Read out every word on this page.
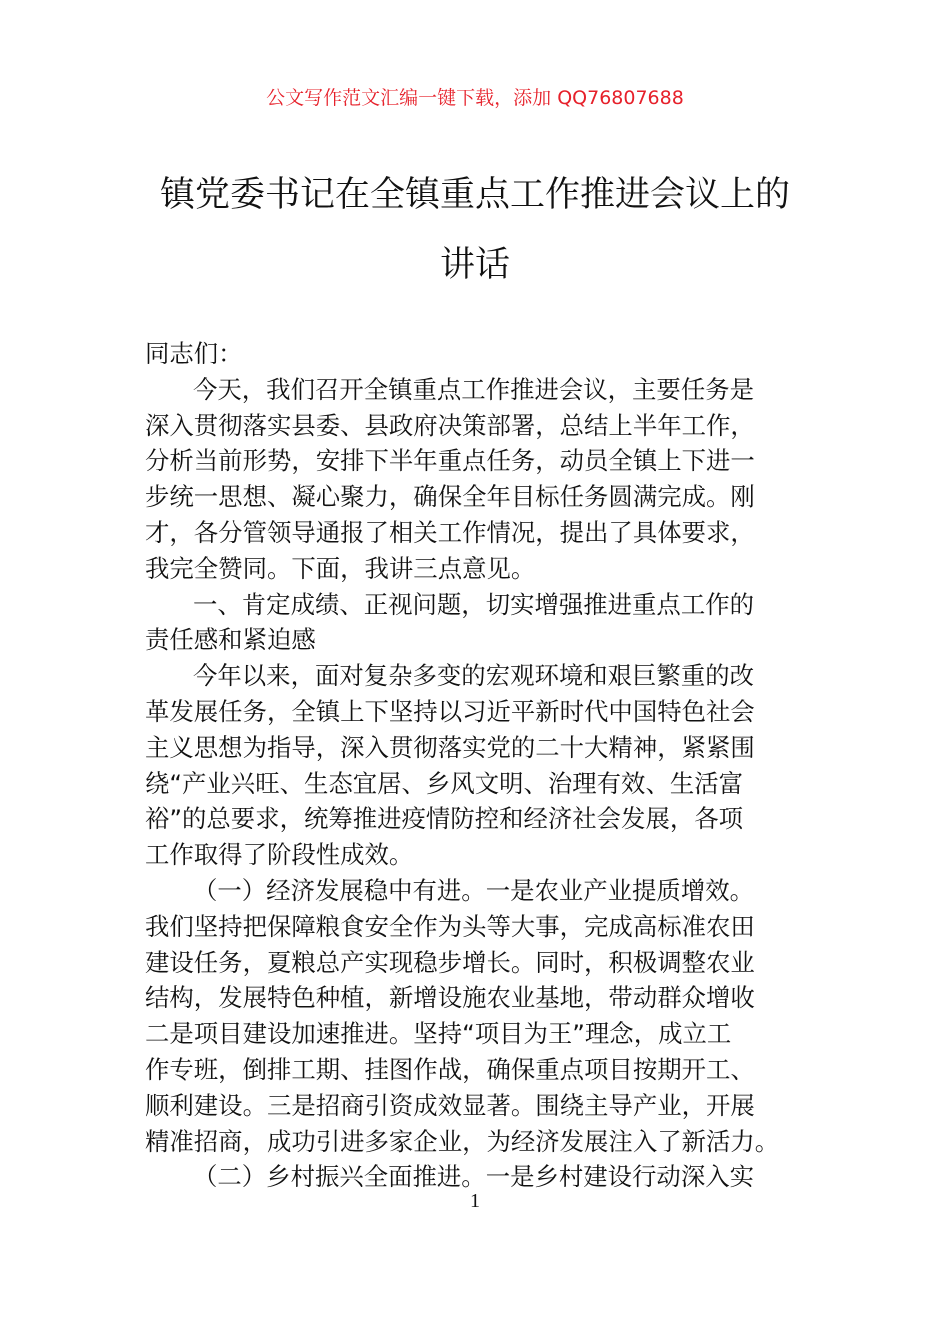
公文写作范文汇编一键下载，添加 QQ76807688
镇党委书记在全镇重点工作推进会议上的
讲话
同志们：
今天，我们召开全镇重点工作推进会议，主要任务是
深入贯彻落实县委、县政府决策部署，总结上半年工作，
分析当前形势，安排下半年重点任务，动员全镇上下进一
步统一思想、凝心聚力，确保全年目标任务圆满完成。刚
才，各分管领导通报了相关工作情况，提出了具体要求，
我完全赞同。下面，我讲三点意见。
一、肯定成绩、正视问题，切实增强推进重点工作的
责任感和紧迫感
今年以来，面对复杂多变的宏观环境和艰巨繁重的改
革发展任务，全镇上下坚持以习近平新时代中国特色社会
主义思想为指导，深入贯彻落实党的二十大精神，紧紧围
绕“产业兴旺、生态宜居、乡风文明、治理有效、生活富
裕”的总要求，统筹推进疫情防控和经济社会发展，各项
工作取得了阶段性成效。
（一）经济发展稳中有进。一是农业产业提质增效。
我们坚持把保障粮食安全作为头等大事，完成高标准农田
建设任务，夏粮总产实现稳步增长。同时，积极调整农业
结构，发展特色种植，新增设施农业基地，带动群众增收
二是项目建设加速推进。坚持“项目为王”理念，成立工
作专班，倒排工期、挂图作战，确保重点项目按期开工、
顺利建设。三是招商引资成效显著。围绕主导产业，开展
精准招商，成功引进多家企业，为经济发展注入了新活力。
（二）乡村振兴全面推进。一是乡村建设行动深入实
1
